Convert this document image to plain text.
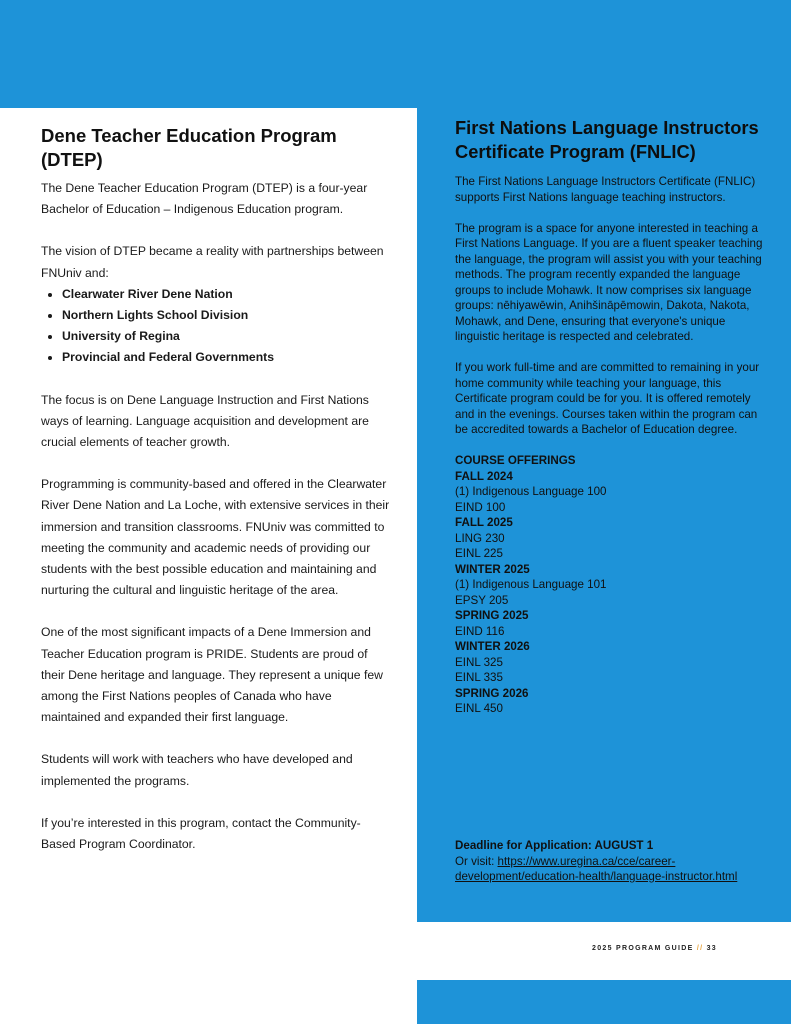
Dene Teacher Education Program (DTEP)

The Dene Teacher Education Program (DTEP) is a four-year Bachelor of Education – Indigenous Education program.

The vision of DTEP became a reality with partnerships between FNUniv and:
• Clearwater River Dene Nation
• Northern Lights School Division
• University of Regina
• Provincial and Federal Governments

The focus is on Dene Language Instruction and First Nations ways of learning. Language acquisition and development are crucial elements of teacher growth.

Programming is community-based and offered in the Clearwater River Dene Nation and La Loche, with extensive services in their immersion and transition classrooms. FNUniv was committed to meeting the community and academic needs of providing our students with the best possible education and maintaining and nurturing the cultural and linguistic heritage of the area.

One of the most significant impacts of a Dene Immersion and Teacher Education program is PRIDE. Students are proud of their Dene heritage and language. They represent a unique few among the First Nations peoples of Canada who have maintained and expanded their first language.

Students will work with teachers who have developed and implemented the programs.

If you’re interested in this program, contact the Community-Based Program Coordinator.

First Nations Language Instructors Certificate Program (FNLIC)

The First Nations Language Instructors Certificate (FNLIC) supports First Nations language teaching instructors.

The program is a space for anyone interested in teaching a First Nations Language. If you are a fluent speaker teaching the language, the program will assist you with your teaching methods. The program recently expanded the language groups to include Mohawk. It now comprises six language groups: nēhiyawēwin, Anihšināpēmowin, Dakota, Nakota, Mohawk, and Dene, ensuring that everyone's unique linguistic heritage is respected and celebrated.

If you work full-time and are committed to remaining in your home community while teaching your language, this Certificate program could be for you. It is offered remotely and in the evenings. Courses taken within the program can be accredited towards a Bachelor of Education degree.

COURSE OFFERINGS
FALL 2024
(1) Indigenous Language 100
EIND 100
FALL 2025
LING 230
EINL 225
WINTER 2025
(1) Indigenous Language 101
EPSY 205
SPRING 2025
EIND 116
WINTER 2026
EINL 325
EINL 335
SPRING 2026
EINL 450
Deadline for Application: AUGUST 1
Or visit: https://www.uregina.ca/cce/career-development/education-health/language-instructor.html
2025 PROGRAM GUIDE // 33
